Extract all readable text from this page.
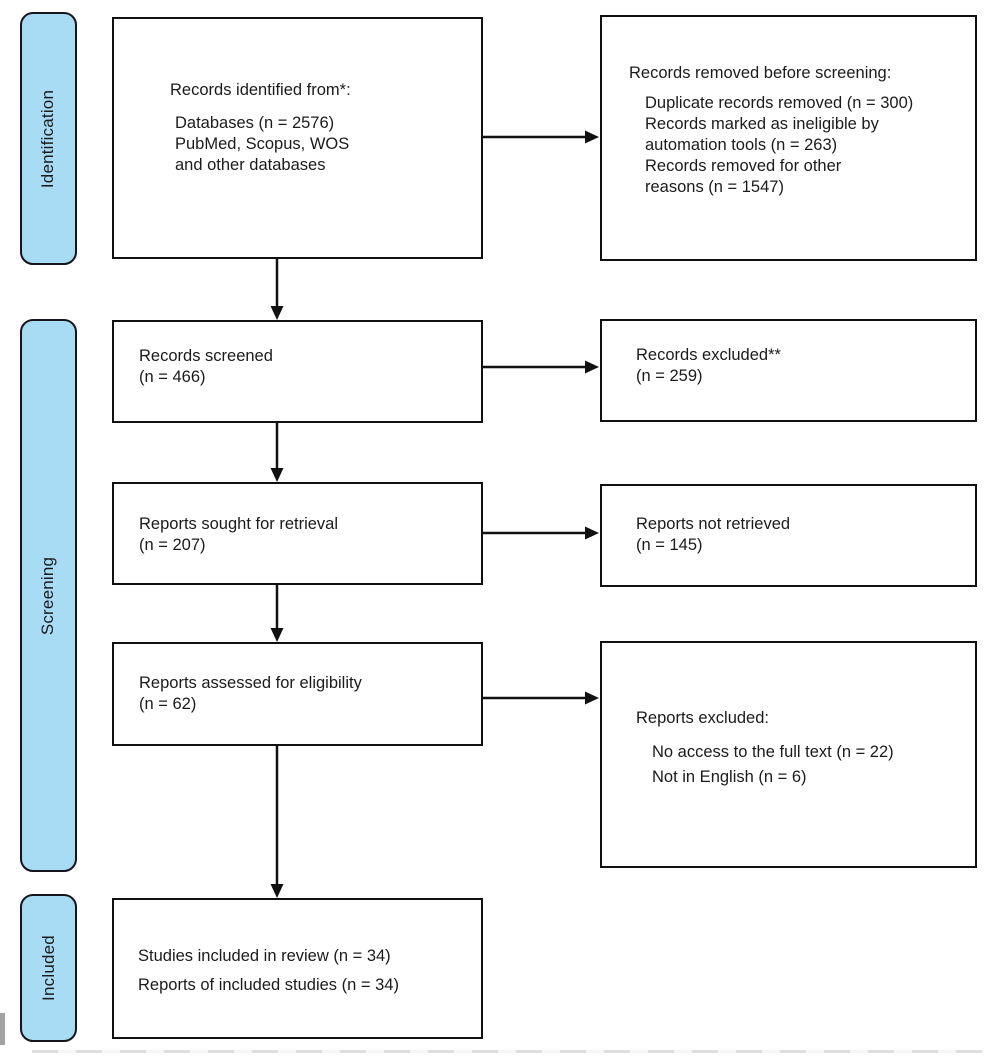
Identification
Screening
Included
Records identified from*:
Databases (n = 2576)
PubMed, Scopus, WOS
and other databases
Records removed before screening:
Duplicate records removed (n = 300)
Records marked as ineligible by
automation tools (n = 263)
Records removed for other
reasons (n = 1547)
Records screened
(n = 466)
Records excluded**
(n = 259)
Reports sought for retrieval
(n = 207)
Reports not retrieved
(n = 145)
Reports assessed for eligibility
(n = 62)
Reports excluded:
No access to the full text (n = 22)
Not in English (n = 6)
Studies included in review (n = 34)
Reports of included studies (n = 34)
